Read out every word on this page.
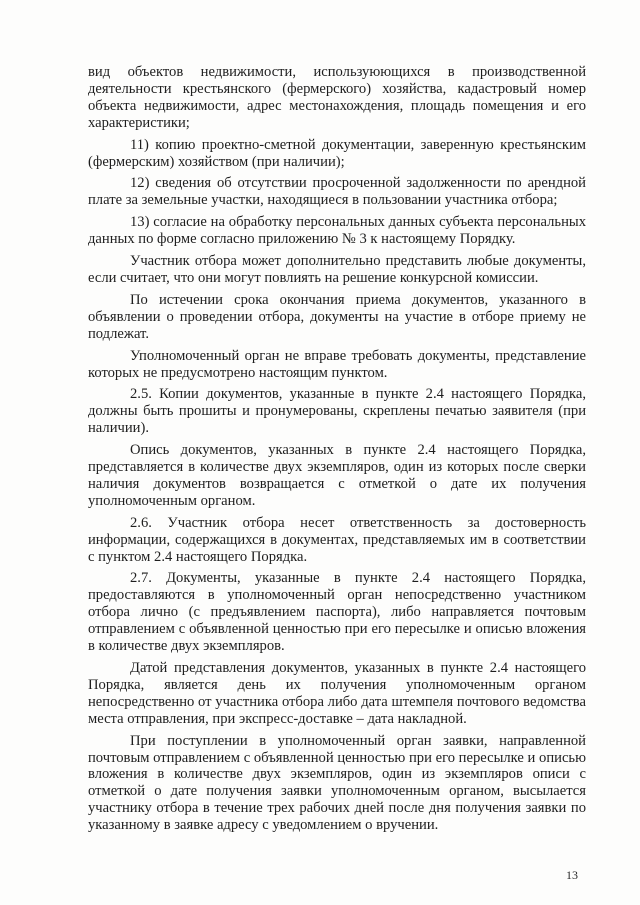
вид объектов недвижимости, используюющихся в производственной деятельности крестьянского (фермерского) хозяйства, кадастровый номер объекта недвижимости, адрес местонахождения, площадь помещения и его характеристики;

11) копию проектно-сметной документации, заверенную крестьянским (фермерским) хозяйством (при наличии);

12) сведения об отсутствии просроченной задолженности по арендной плате за земельные участки, находящиеся в пользовании участника отбора;

13) согласие на обработку персональных данных субъекта персональных данных по форме согласно приложению № 3 к настоящему Порядку.

Участник отбора может дополнительно представить любые документы, если считает, что они могут повлиять на решение конкурсной комиссии.

По истечении срока окончания приема документов, указанного в объявлении о проведении отбора, документы на участие в отборе приему не подлежат.

Уполномоченный орган не вправе требовать документы, представление которых не предусмотрено настоящим пунктом.

2.5. Копии документов, указанные в пункте 2.4 настоящего Порядка, должны быть прошиты и пронумерованы, скреплены печатью заявителя (при наличии).

Опись документов, указанных в пункте 2.4 настоящего Порядка, представляется в количестве двух экземпляров, один из которых после сверки наличия документов возвращается с отметкой о дате их получения уполномоченным органом.

2.6. Участник отбора несет ответственность за достоверность информации, содержащихся в документах, представляемых им в соответствии с пунктом 2.4 настоящего Порядка.

2.7. Документы, указанные в пункте 2.4 настоящего Порядка, предоставляются в уполномоченный орган непосредственно участником отбора лично (с предъявлением паспорта), либо направляется почтовым отправлением с объявленной ценностью при его пересылке и описью вложения в количестве двух экземпляров.

Датой представления документов, указанных в пункте 2.4 настоящего Порядка, является день их получения уполномоченным органом непосредственно от участника отбора либо дата штемпеля почтового ведомства места отправления, при экспресс-доставке – дата накладной.

При поступлении в уполномоченный орган заявки, направленной почтовым отправлением с объявленной ценностью при его пересылке и описью вложения в количестве двух экземпляров, один из экземпляров описи с отметкой о дате получения заявки уполномоченным органом, высылается участнику отбора в течение трех рабочих дней после дня получения заявки по указанному в заявке адресу с уведомлением о вручении.

13
